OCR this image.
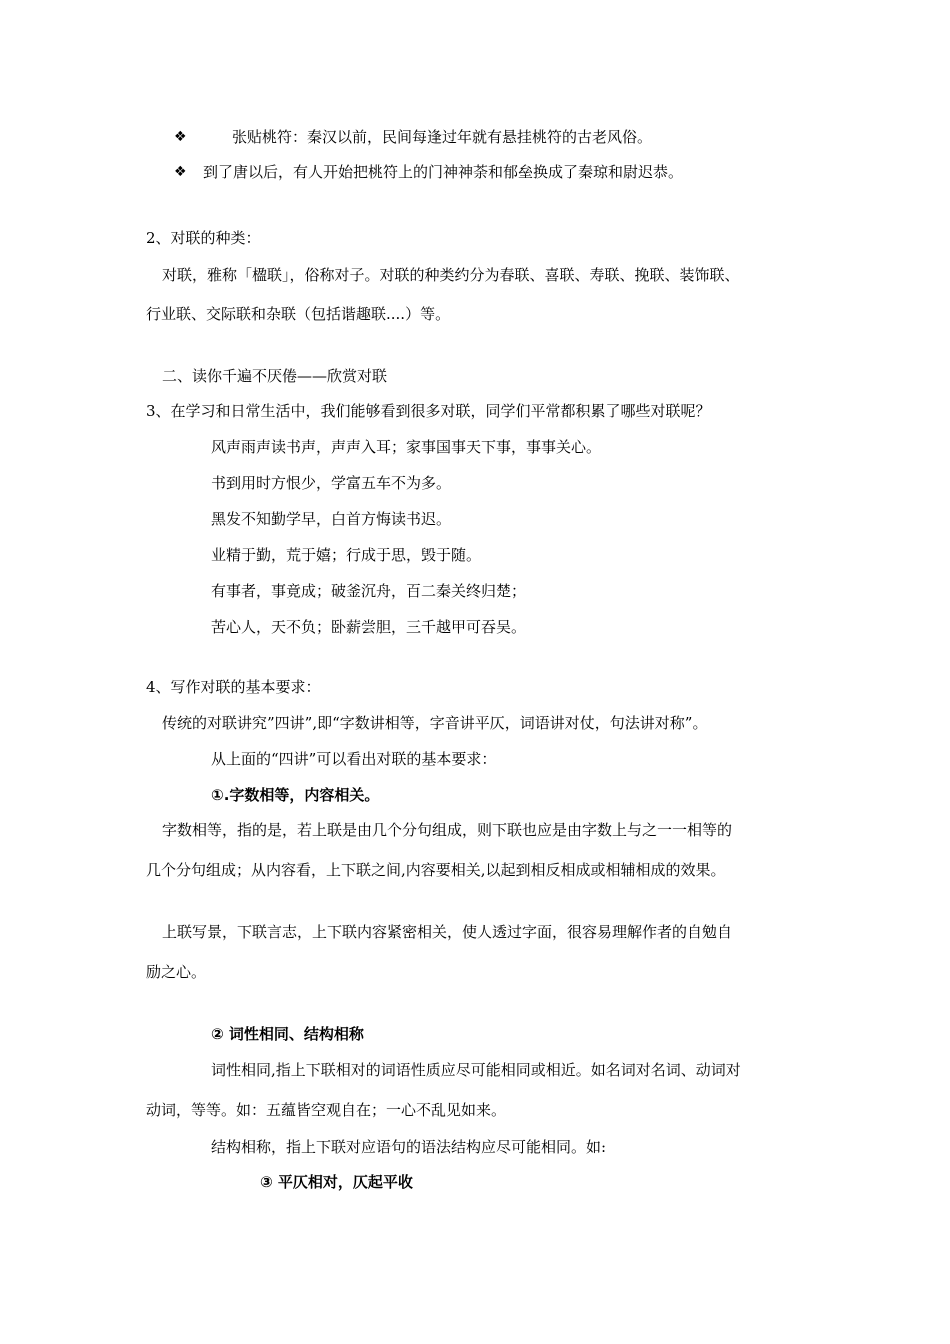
❖	张贴桃符：秦汉以前，民间每逢过年就有悬挂桃符的古老风俗。
❖ 到了唐以后，有人开始把桃符上的门神神荼和郁垒换成了秦琼和尉迟恭。
2、对联的种类：
对联，雅称「楹联」，俗称对子。对联的种类约分为春联、喜联、寿联、挽联、装饰联、
行业联、交际联和杂联（包括谐趣联....）等。
二、读你千遍不厌倦——欣赏对联
3、在学习和日常生活中，我们能够看到很多对联，同学们平常都积累了哪些对联呢？
风声雨声读书声，声声入耳；家事国事天下事，事事关心。
书到用时方恨少，学富五车不为多。
黑发不知勤学早，白首方悔读书迟。
业精于勤，荒于嬉；行成于思，毁于随。
有事者，事竟成；破釜沉舟，百二秦关终归楚；
苦心人，天不负；卧薪尝胆，三千越甲可吞吴。
4、写作对联的基本要求：
传统的对联讲究”四讲”,即“字数讲相等，字音讲平仄，词语讲对仗，句法讲对称”。
从上面的“四讲”可以看出对联的基本要求：
①.字数相等，内容相关。
字数相等，指的是，若上联是由几个分句组成，则下联也应是由字数上与之一一相等的
几个分句组成；从内容看，上下联之间,内容要相关,以起到相反相成或相辅相成的效果。
上联写景，下联言志，上下联内容紧密相关，使人透过字面，很容易理解作者的自勉自
励之心。
② 词性相同、结构相称
词性相同,指上下联相对的词语性质应尽可能相同或相近。如名词对名词、动词对
动词，等等。如：五蕴皆空观自在；一心不乱见如来。
结构相称，指上下联对应语句的语法结构应尽可能相同。如:
③ 平仄相对，仄起平收
